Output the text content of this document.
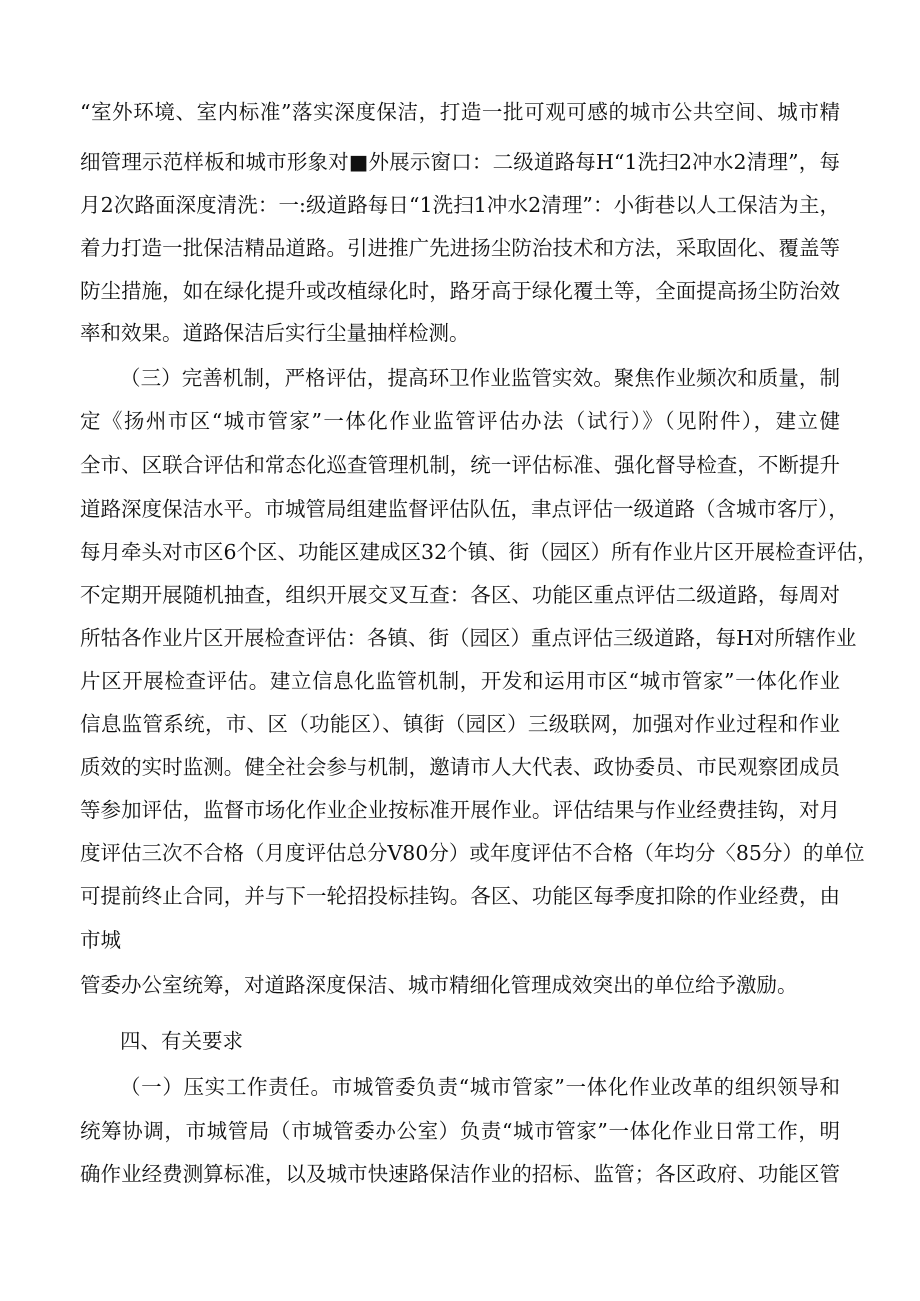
“室外环境、室内标准”落实深度保洁，打造一批可观可感的城市公共空间、城市精
细管理示范样板和城市形象对■外展示窗口：二级道路每H“1洗扫2冲水2清理”，每
月2次路面深度清洗：一:级道路每日“1洗扫1冲水2清理”：小街巷以人工保洁为主，
着力打造一批保洁精品道路。引进推广先进扬尘防治技术和方法，采取固化、覆盖等
防尘措施，如在绿化提升或改植绿化时，路牙高于绿化覆土等，全面提高扬尘防治效
率和效果。道路保洁后实行尘量抽样检测。
（三）完善机制，严格评估，提高环卫作业监管实效。聚焦作业频次和质量，制
定《扬州市区“城市管家”一体化作业监管评估办法（试行）》（见附件），建立健
全市、区联合评估和常态化巡查管理机制，统一评估标准、强化督导检查，不断提升
道路深度保洁水平。市城管局组建监督评估队伍，聿点评估一级道路（含城市客厅），
每月牵头对市区6个区、功能区建成区32个镇、街（园区）所有作业片区开展检查评估，
不定期开展随机抽查，组织开展交叉互查：各区、功能区重点评估二级道路，每周对
所牯各作业片区开展检查评估：各镇、街（园区）重点评估三级道路，每H对所辖作业
片区开展检查评估。建立信息化监管机制，开发和运用市区“城市管家”一体化作业
信息监管系统，市、区（功能区）、镇街（园区）三级联网，加强对作业过程和作业
质效的实时监测。健全社会参与机制，邀请市人大代表、政协委员、市民观察团成员
等参加评估，监督市场化作业企业按标准开展作业。评估结果与作业经费挂钩，对月
度评估三次不合格（月度评估总分V80分）或年度评估不合格（年均分〈85分）的单位
可提前终止合同，并与下一轮招投标挂钩。各区、功能区每季度扣除的作业经费，由
市城
管委办公室统筹，对道路深度保洁、城市精细化管理成效突出的单位给予激励。
四、有关要求
（一）压实工作责任。市城管委负责“城市管家”一体化作业改革的组织领导和
统筹协调，市城管局（市城管委办公室）负责“城市管家”一体化作业日常工作，明
确作业经费测算标准，以及城市快速路保洁作业的招标、监管；各区政府、功能区管
